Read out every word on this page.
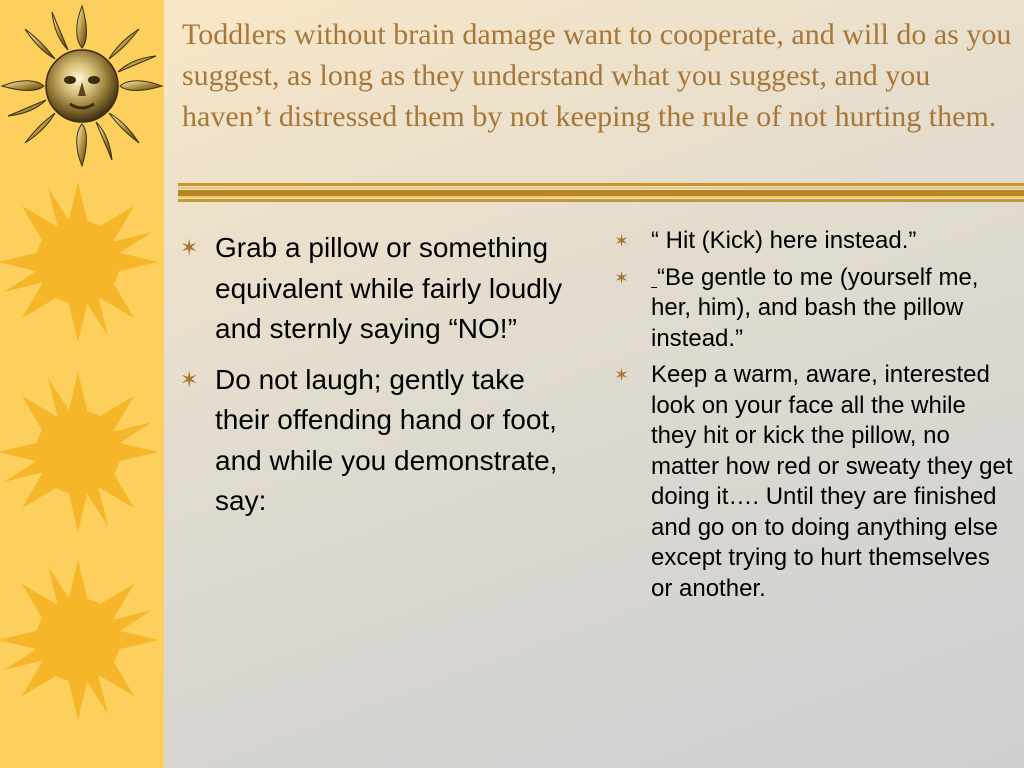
Toddlers without brain damage want to cooperate, and will do as you suggest, as long as they understand what you suggest, and you haven’t distressed them by not keeping the rule of not hurting them.
✶ Grab a pillow or something equivalent while fairly loudly and sternly saying “NO!”
✶ Do not laugh; gently take their offending hand or foot, and while you demonstrate, say:
✶ “ Hit (Kick) here instead.”
✶ “Be gentle to me (yourself me, her, him), and bash the pillow instead.”
✶ Keep a warm, aware, interested look on your face all the while they hit or kick the pillow, no matter how red or sweaty they get doing it…. Until they are finished and go on to doing anything else except trying to hurt themselves or another.
